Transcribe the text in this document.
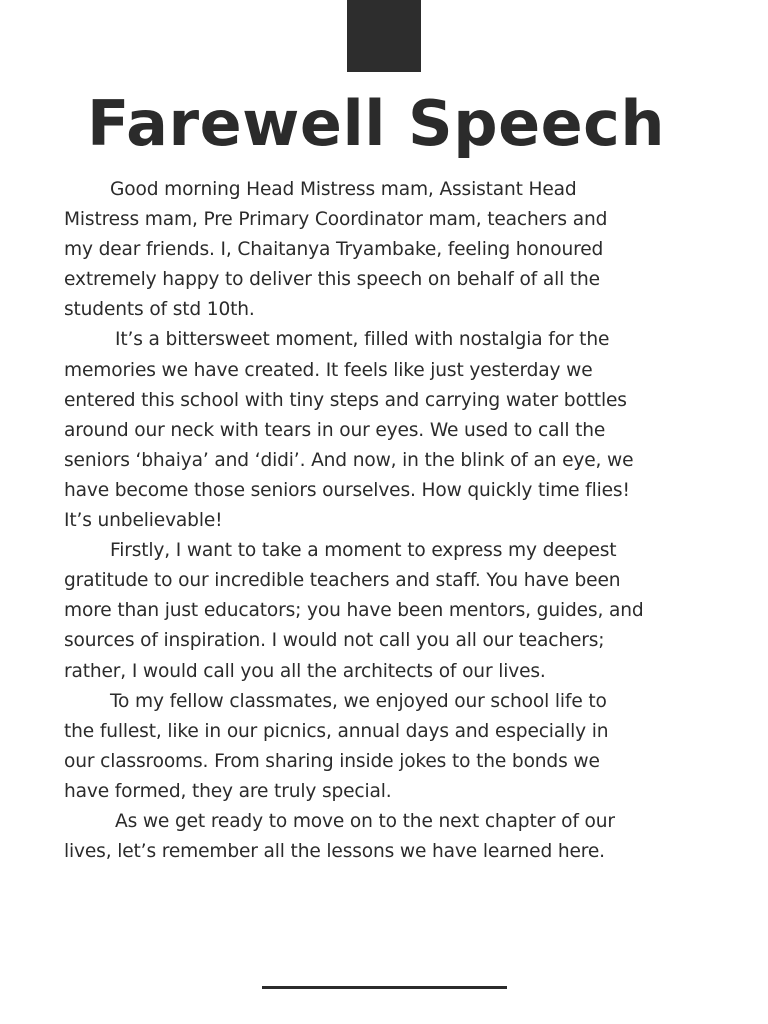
Farewell Speech
Good morning Head Mistress mam, Assistant Head
Mistress mam, Pre Primary Coordinator mam, teachers and
my dear friends. I, Chaitanya Tryambake, feeling honoured
extremely happy to deliver this speech on behalf of all the
students of std 10th.
It’s a bittersweet moment, filled with nostalgia for the
memories we have created. It feels like just yesterday we
entered this school with tiny steps and carrying water bottles
around our neck with tears in our eyes. We used to call the
seniors ‘bhaiya’ and ‘didi’. And now, in the blink of an eye, we
have become those seniors ourselves. How quickly time flies!
It’s unbelievable!
Firstly, I want to take a moment to express my deepest
gratitude to our incredible teachers and staff. You have been
more than just educators; you have been mentors, guides, and
sources of inspiration. I would not call you all our teachers;
rather, I would call you all the architects of our lives.
To my fellow classmates, we enjoyed our school life to
the fullest, like in our picnics, annual days and especially in
our classrooms. From sharing inside jokes to the bonds we
have formed, they are truly special.
As we get ready to move on to the next chapter of our
lives, let’s remember all the lessons we have learned here.
